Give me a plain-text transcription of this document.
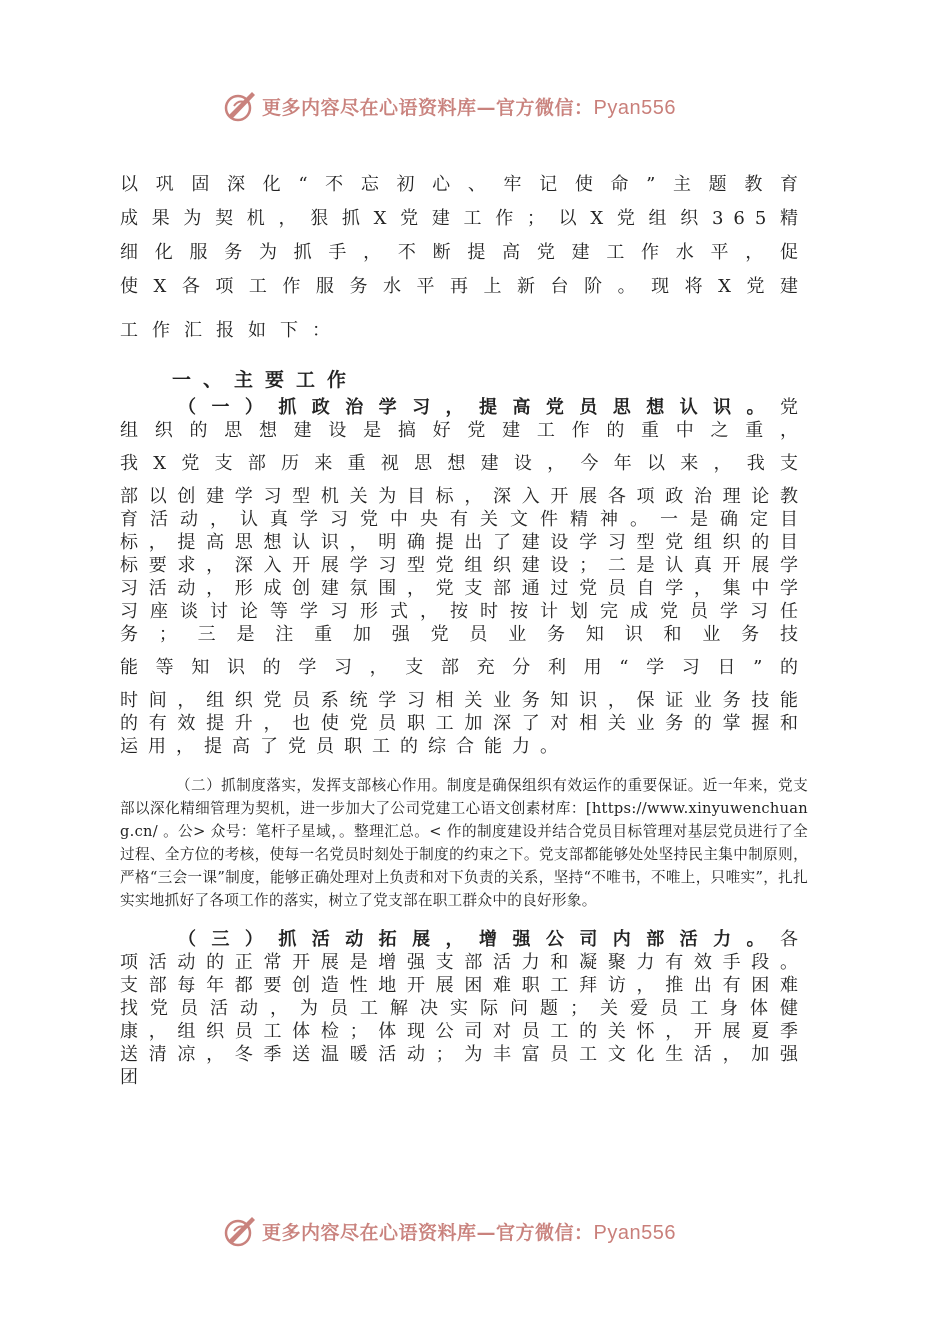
更多内容尽在心语资料库—官方微信：Pyan556

以巩固深化“不忘初心、牢记使命”主题教育

成果为契机，狠抓X党建工作；以X党组织365精

细化服务为抓手，不断提高党建工作水平，促

使X各项工作服务水平再上新台阶。现将X党建

工作汇报如下：

一、主要工作

（一）抓政治学习，提高党员思想认识。党

组织的思想建设是搞好党建工作的重中之重，

我X党支部历来重视思想建设，今年以来，我支

部以创建学习型机关为目标，深入开展各项政治理论教育活动，认真学习党中央有关文件精神。一是确定目标，提高思想认识，明确提出了建设学习型党组织的目标要求，深入开展学习型党组织建设；二是认真开展学习活动，形成创建氛围，党支部通过党员自学，集中学习座谈讨论等学习形式，按时按计划完成党员学习任务；三是注重加强党员业务知识和业务技

能等知识的学习，支部充分利用“学习日”的

时间，组织党员系统学习相关业务知识，保证业务技能的有效提升，也使党员职工加深了对相关业务的掌握和运用，提高了党员职工的综合能力。

（二）抓制度落实，发挥支部核心作用。制度是确保组织有效运作的重要保证。近一年来，党支部以深化精细管理为契机，进一步加大了公司党建工心语文创素材库：[https://www.xinyuwenchuang.cn/ 。公> 众号：笔杆子星域，。整理汇总。< 作的制度建设并结合党员目标管理对基层党员进行了全过程、全方位的考核，使每一名党员时刻处于制度的约束之下。党支部都能够处处坚持民主集中制原则，严格“三会一课”制度，能够正确处理对上负责和对下负责的关系，坚持“不唯书，不唯上，只唯实”，扎扎实实地抓好了各项工作的落实，树立了党支部在职工群众中的良好形象。

（三）抓活动拓展，增强公司内部活力。各

项活动的正常开展是增强支部活力和凝聚力有效手段。支部每年都要创造性地开展困难职工拜访，推出有困难找党员活动，为员工解决实际问题；关爱员工身体健康，组织员工体检；体现公司对员工的关怀，开展夏季送清凉，冬季送温暖活动；为丰富员工文化生活，加强团

更多内容尽在心语资料库—官方微信：Pyan556
